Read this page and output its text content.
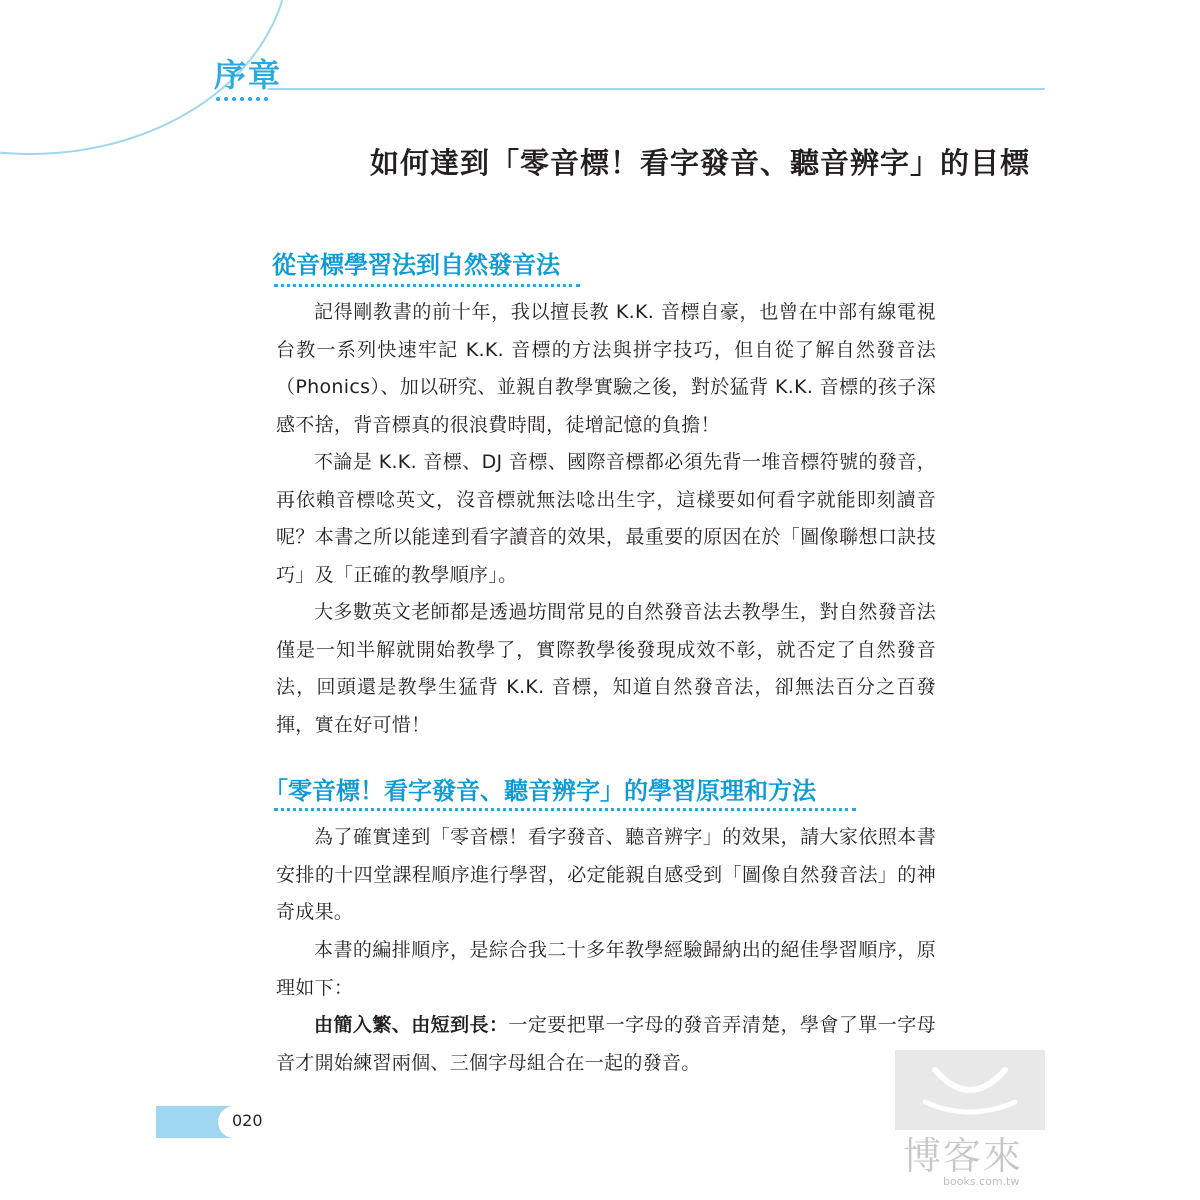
序章
如何達到「零音標！看字發音、聽音辨字」的目標
從音標學習法到自然發音法

記得剛教書的前十年，我以擅長教 K.K. 音標自豪，也曾在中部有線電視台教一系列快速牢記 K.K. 音標的方法與拼字技巧，但自從了解自然發音法（Phonics）、加以研究、並親自教學實驗之後，對於猛背 K.K. 音標的孩子深感不捨，背音標真的很浪費時間，徒增記憶的負擔！

不論是 K.K. 音標、DJ 音標、國際音標都必須先背一堆音標符號的發音，再依賴音標唸英文，沒音標就無法唸出生字，這樣要如何看字就能即刻讀音呢？本書之所以能達到看字讀音的效果，最重要的原因在於「圖像聯想口訣技巧」及「正確的教學順序」。

大多數英文老師都是透過坊間常見的自然發音法去教學生，對自然發音法僅是一知半解就開始教學了，實際教學後發現成效不彰，就否定了自然發音法，回頭還是教學生猛背 K.K. 音標，知道自然發音法，卻無法百分之百發揮，實在好可惜！

「零音標！看字發音、聽音辨字」的學習原理和方法

為了確實達到「零音標！看字發音、聽音辨字」的效果，請大家依照本書安排的十四堂課程順序進行學習，必定能親自感受到「圖像自然發音法」的神奇成果。

本書的編排順序，是綜合我二十多年教學經驗歸納出的絕佳學習順序，原理如下：

由簡入繁、由短到長：一定要把單一字母的發音弄清楚，學會了單一字母音才開始練習兩個、三個字母組合在一起的發音。

020
博客來
books.com.tw
